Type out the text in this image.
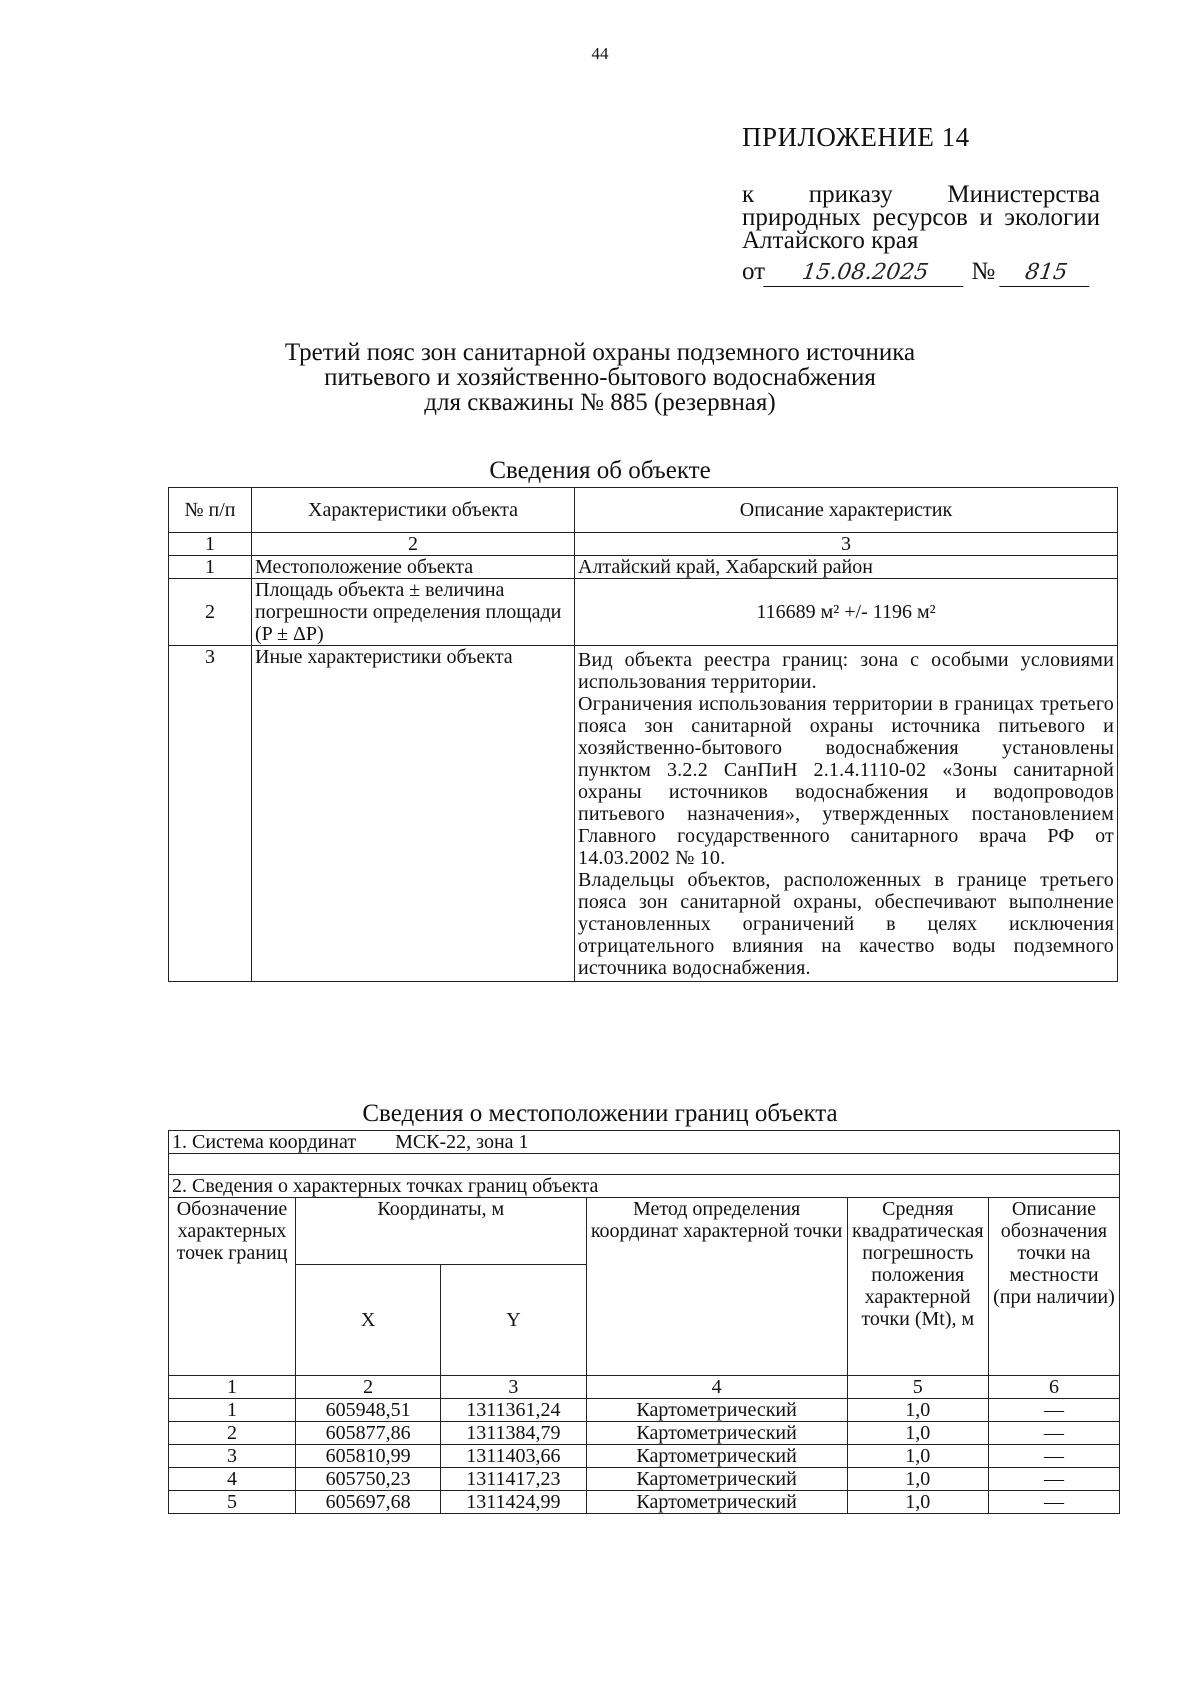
44
ПРИЛОЖЕНИЕ 14
к приказу Министерства природных ресурсов и экологии Алтайского края
от 15.08.2025 № 815
Третий пояс зон санитарной охраны подземного источника
питьевого и хозяйственно-бытового водоснабжения
для скважины № 885 (резервная)
Сведения об объекте
№ п/п	Характеристики объекта	Описание характеристик
1	2	3
1	Местоположение объекта	Алтайский край, Хабарский район
2	Площадь объекта ± величина погрешности определения площади (P ± ΔP)	116689 м² +/- 1196 м²
3	Иные характеристики объекта	Вид объекта реестра границ: зона с особыми условиями использования территории.
Ограничения использования территории в границах третьего пояса зон санитарной охраны источника питьевого и хозяйственно-бытового водоснабжения установлены пунктом 3.2.2 СанПиН 2.1.4.1110-02 «Зоны санитарной охраны источников водоснабжения и водопроводов питьевого назначения», утвержденных постановлением Главного государственного санитарного врача РФ от 14.03.2002 № 10.
Владельцы объектов, расположенных в границе третьего пояса зон санитарной охраны, обеспечивают выполнение установленных ограничений в целях исключения отрицательного влияния на качество воды подземного источника водоснабжения.
Сведения о местоположении границ объекта
1. Система координат МСК-22, зона 1					

2. Сведения о характерных точках границ объекта					
Обозначение характерных точек границ	Координаты, м		Метод определения координат характерной точки	Средняя квадратическая погрешность положения характерной точки (Mt), м	Описание обозначения точки на местности (при наличии)
	X	Y			
1	2	3	4	5	6
1	605948,51	1311361,24	Картометрический	1,0	—
2	605877,86	1311384,79	Картометрический	1,0	—
3	605810,99	1311403,66	Картометрический	1,0	—
4	605750,23	1311417,23	Картометрический	1,0	—
5	605697,68	1311424,99	Картометрический	1,0	—
